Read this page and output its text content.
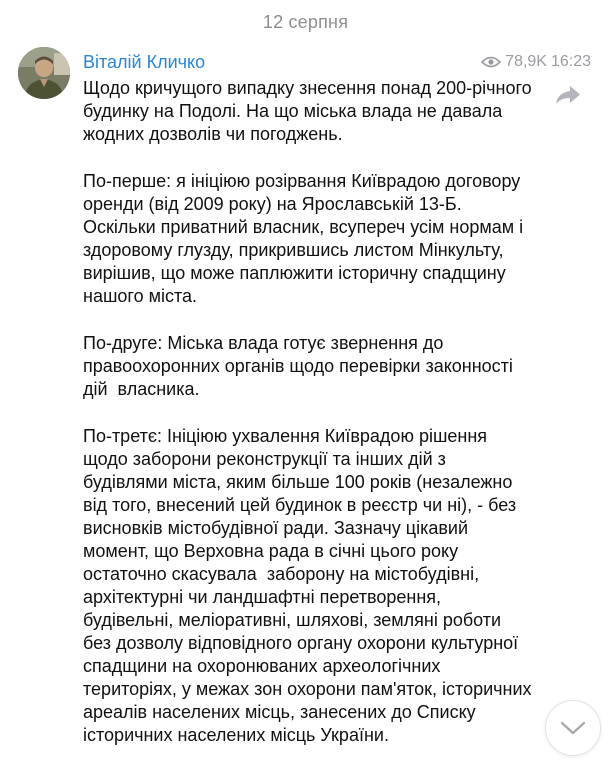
12 серпня
Віталій Кличко	78,9K 16:23

Щодо кричущого випадку знесення понад 200-річного будинку на Подолі. На що міська влада не давала жодних дозволів чи погоджень.

По-перше: я ініціюю розірвання Київрадою договору оренди (від 2009 року) на Ярославській 13-Б. Оскільки приватний власник, всупереч усім нормам і здоровому глузду, прикрившись листом Мінкульту, вирішив, що може паплюжити історичну спадщину нашого міста.

По-друге: Міська влада готує звернення до правоохоронних органів щодо перевірки законності дій  власника.

По-третє: Ініціюю ухвалення Київрадою рішення щодо заборони реконструкції та інших дій з будівлями міста, яким більше 100 років (незалежно від того, внесений цей будинок в реєстр чи ні), - без висновків містобудівної ради. Зазначу цікавий момент, що Верховна рада в січні цього року остаточно скасувала  заборону на містобудівні, архітектурні чи ландшафтні перетворення, будівельні, меліоративні, шляхові, земляні роботи без дозволу відповідного органу охорони культурної спадщини на охоронюваних археологічних територіях, у межах зон охорони пам'яток, історичних ареалів населених місць, занесених до Списку історичних населених місць України.
